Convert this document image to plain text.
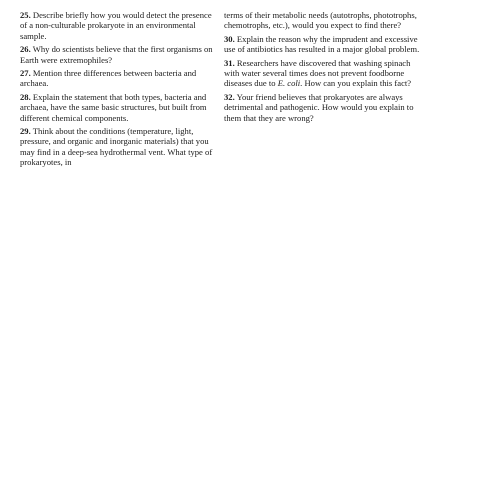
25. Describe briefly how you would detect the presence of a non-culturable prokaryote in an environmental sample.

26. Why do scientists believe that the first organisms on Earth were extremophiles?

27. Mention three differences between bacteria and archaea.

28. Explain the statement that both types, bacteria and archaea, have the same basic structures, but built from different chemical components.

29. Think about the conditions (temperature, light, pressure, and organic and inorganic materials) that you may find in a deep-sea hydrothermal vent. What type of prokaryotes, in

terms of their metabolic needs (autotrophs, phototrophs, chemotrophs, etc.), would you expect to find there?

30. Explain the reason why the imprudent and excessive use of antibiotics has resulted in a major global problem.

31. Researchers have discovered that washing spinach with water several times does not prevent foodborne diseases due to E. coli. How can you explain this fact?

32. Your friend believes that prokaryotes are always detrimental and pathogenic. How would you explain to them that they are wrong?
